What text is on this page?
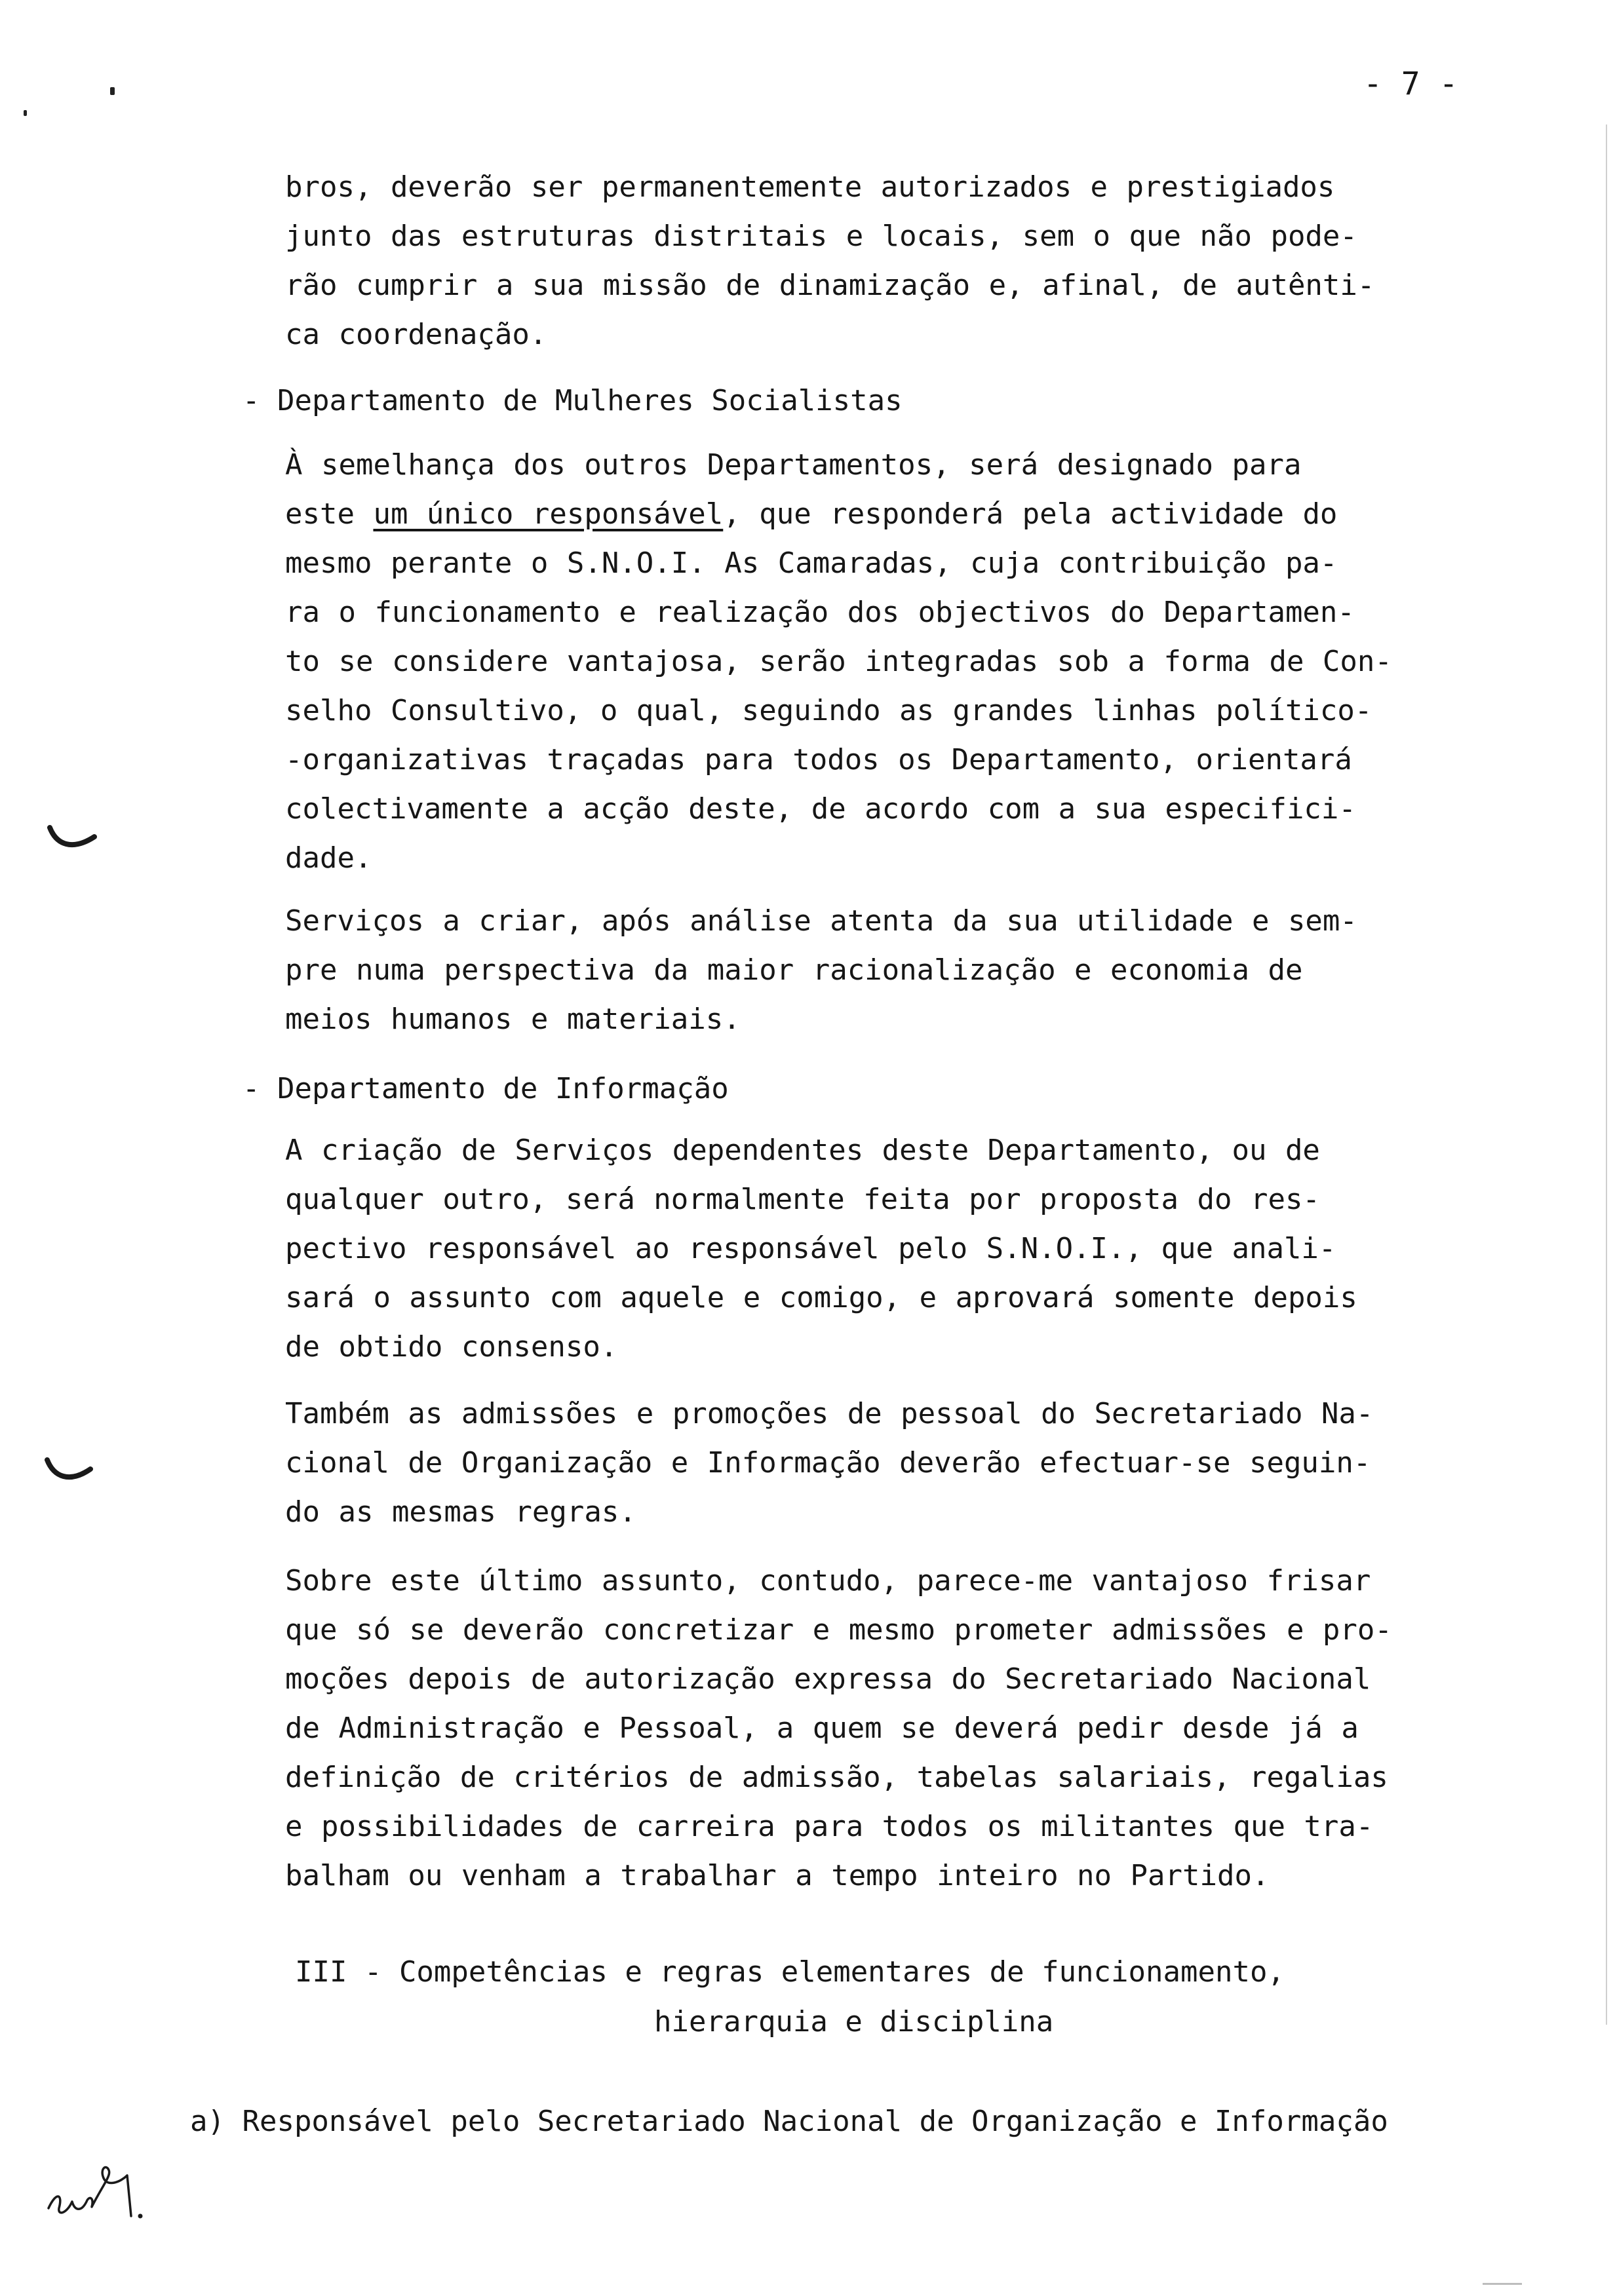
- 7 -
bros, deverão ser permanentemente autorizados e prestigiados
junto das estruturas distritais e locais, sem o que não pode-
rão cumprir a sua missão de dinamização e, afinal, de autênti-
ca coordenação.
- Departamento de Mulheres Socialistas
À semelhança dos outros Departamentos, será designado para
este um único responsável, que responderá pela actividade do
mesmo perante o S.N.O.I. As Camaradas, cuja contribuição pa-
ra o funcionamento e realização dos objectivos do Departamen-
to se considere vantajosa, serão integradas sob a forma de Con-
selho Consultivo, o qual, seguindo as grandes linhas político-
-organizativas traçadas para todos os Departamento, orientará
colectivamente a acção deste, de acordo com a sua especifici-
dade.
Serviços a criar, após análise atenta da sua utilidade e sem-
pre numa perspectiva da maior racionalização e economia de
meios humanos e materiais.
- Departamento de Informação
A criação de Serviços dependentes deste Departamento, ou de
qualquer outro, será normalmente feita por proposta do res-
pectivo responsável ao responsável pelo S.N.O.I., que anali-
sará o assunto com aquele e comigo, e aprovará somente depois
de obtido consenso.
Também as admissões e promoções de pessoal do Secretariado Na-
cional de Organização e Informação deverão efectuar-se seguin-
do as mesmas regras.
Sobre este último assunto, contudo, parece-me vantajoso frisar
que só se deverão concretizar e mesmo prometer admissões e pro-
moções depois de autorização expressa do Secretariado Nacional
de Administração e Pessoal, a quem se deverá pedir desde já a
definição de critérios de admissão, tabelas salariais, regalias
e possibilidades de carreira para todos os militantes que tra-
balham ou venham a trabalhar a tempo inteiro no Partido.
III - Competências e regras elementares de funcionamento,
hierarquia e disciplina
a) Responsável pelo Secretariado Nacional de Organização e Informação
